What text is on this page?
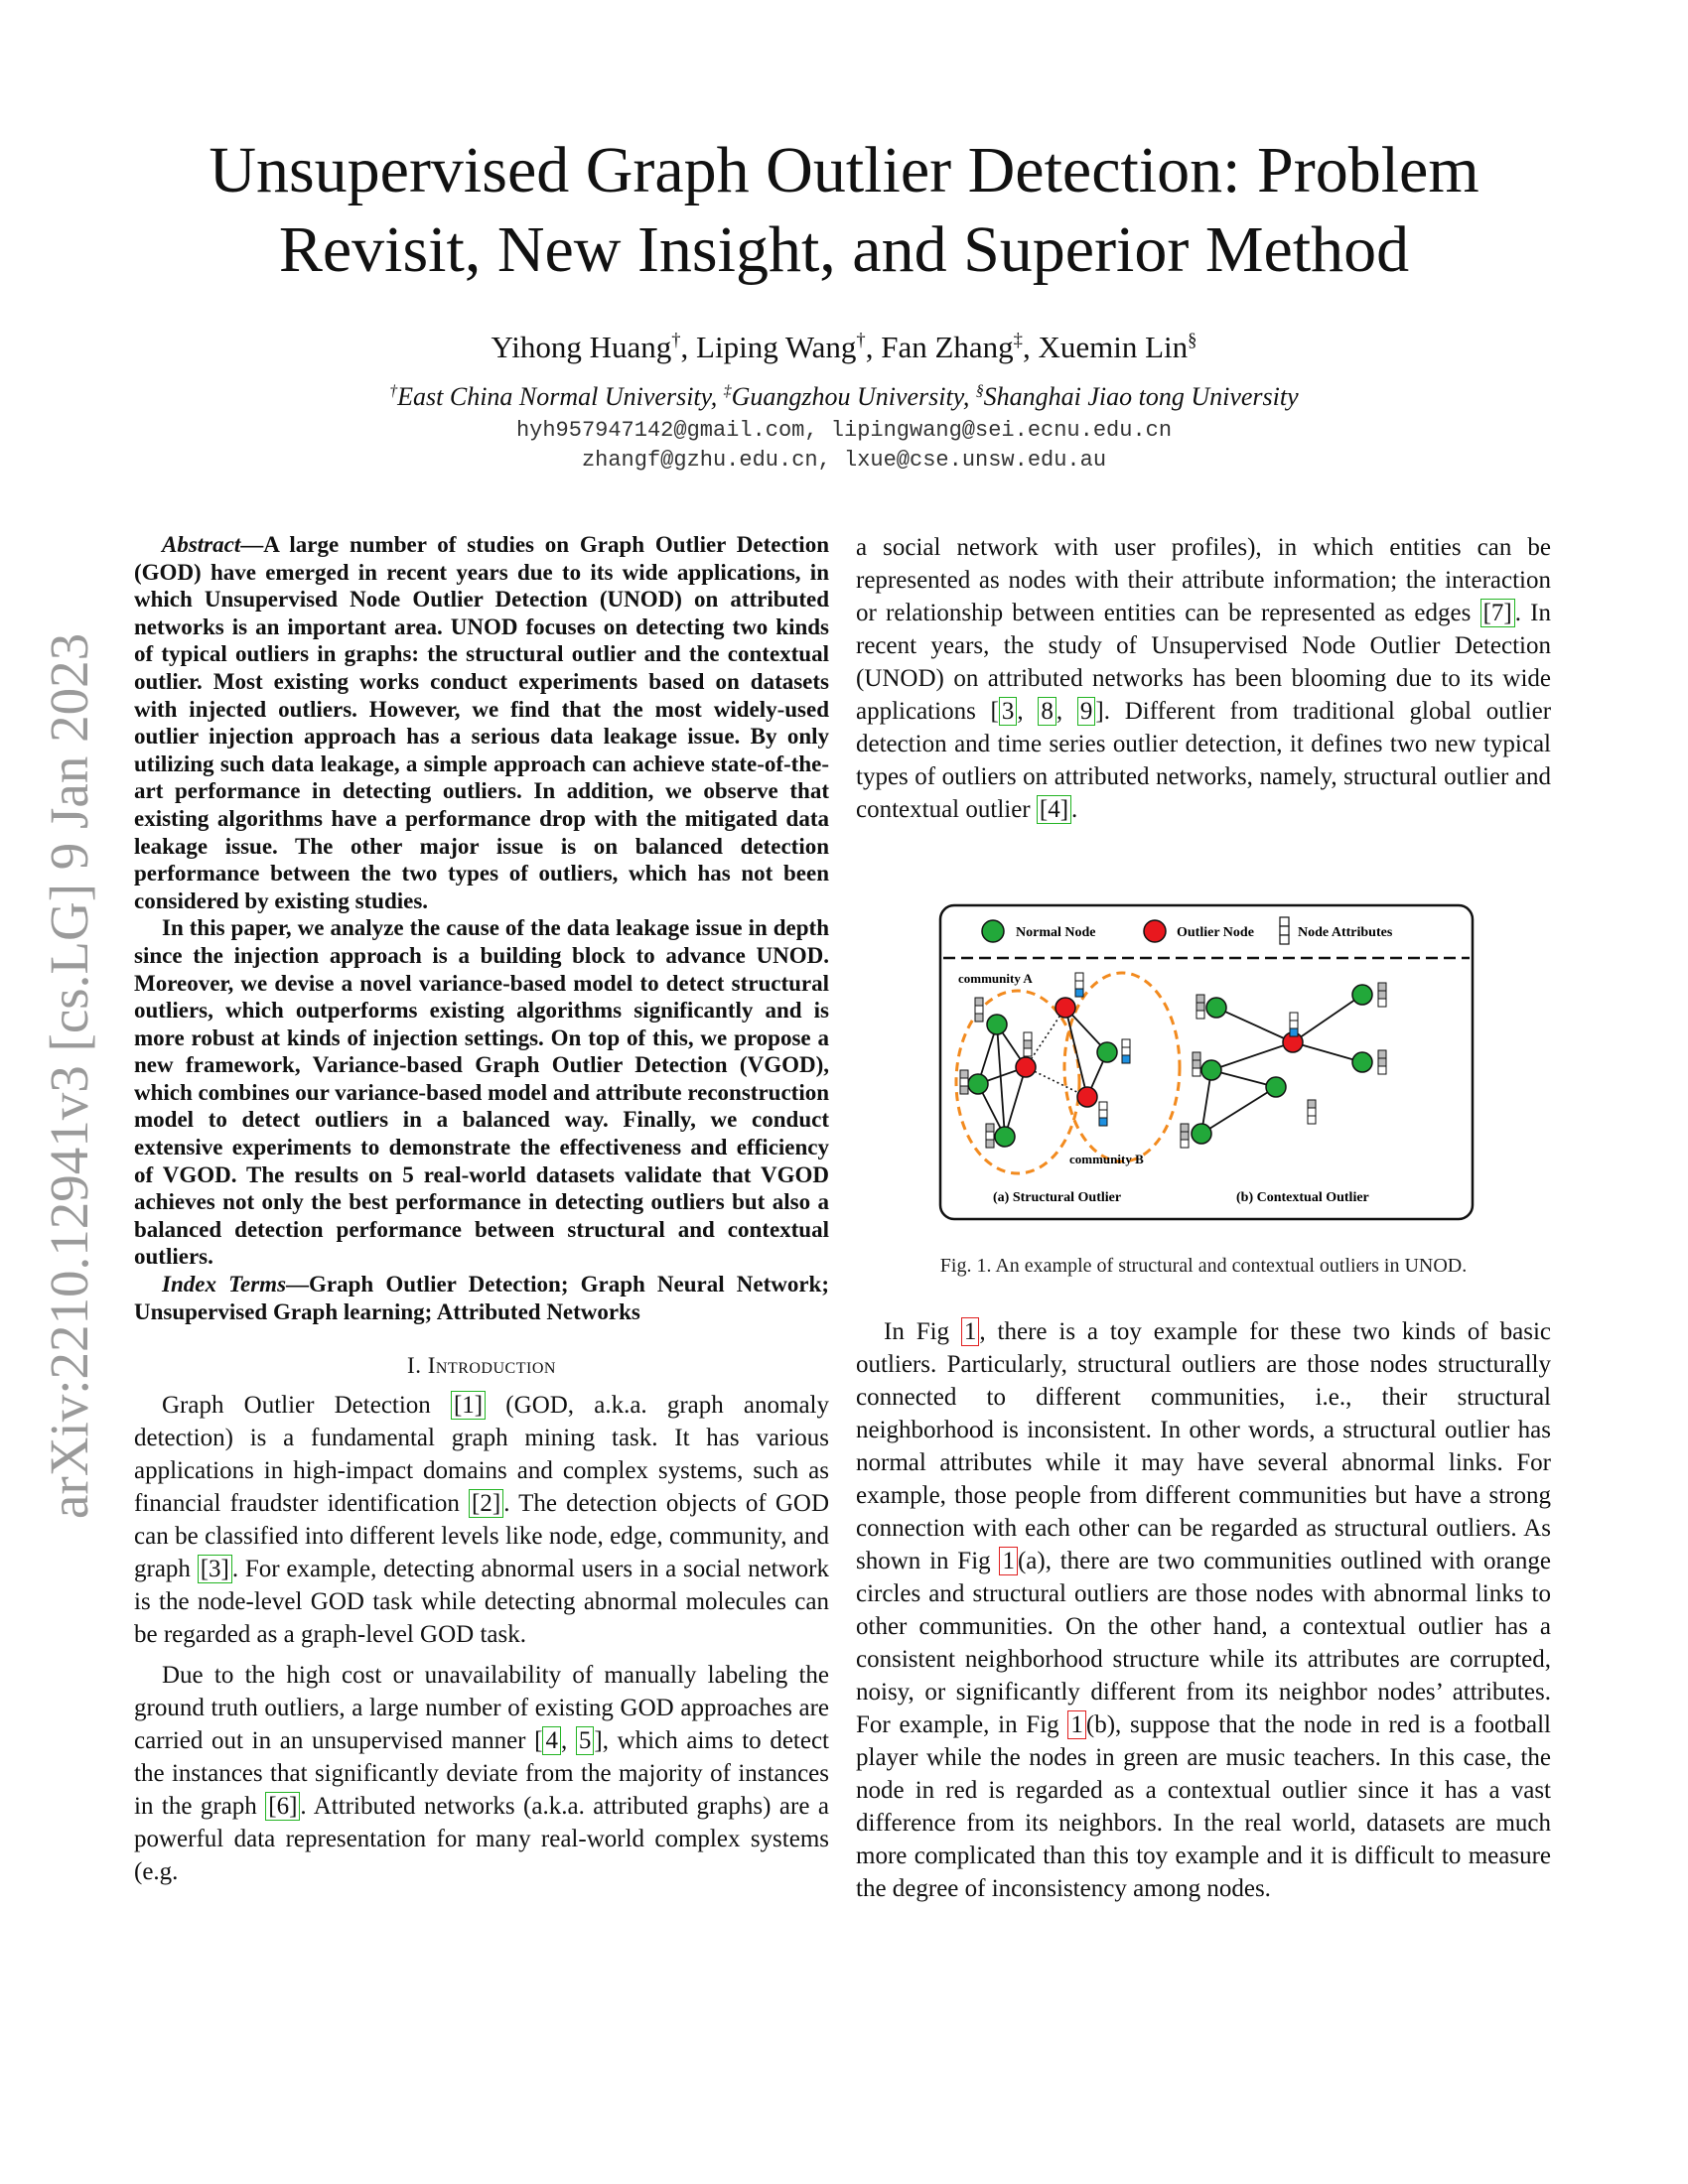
arXiv:2210.12941v3 [cs.LG] 9 Jan 2023
Unsupervised Graph Outlier Detection: Problem
Revisit, New Insight, and Superior Method
Yihong Huang†, Liping Wang†, Fan Zhang‡, Xuemin Lin§
†East China Normal University, ‡Guangzhou University, §Shanghai Jiao tong University
hyh957947142@gmail.com, lipingwang@sei.ecnu.edu.cn
zhangf@gzhu.edu.cn, lxue@cse.unsw.edu.au

Abstract—A large number of studies on Graph Outlier Detection (GOD) have emerged in recent years due to its wide applications, in which Unsupervised Node Outlier Detection (UNOD) on attributed networks is an important area. UNOD focuses on detecting two kinds of typical outliers in graphs: the structural outlier and the contextual outlier. Most existing works conduct experiments based on datasets with injected outliers. However, we find that the most widely-used outlier injection approach has a serious data leakage issue. By only utilizing such data leakage, a simple approach can achieve state-of-the-art performance in detecting outliers. In addition, we observe that existing algorithms have a performance drop with the mitigated data leakage issue. The other major issue is on balanced detection performance between the two types of outliers, which has not been considered by existing studies.

In this paper, we analyze the cause of the data leakage issue in depth since the injection approach is a building block to advance UNOD. Moreover, we devise a novel variance-based model to detect structural outliers, which outperforms existing algorithms significantly and is more robust at kinds of injection settings. On top of this, we propose a new framework, Variance-based Graph Outlier Detection (VGOD), which combines our variance-based model and attribute reconstruction model to detect outliers in a balanced way. Finally, we conduct extensive experiments to demonstrate the effectiveness and efficiency of VGOD. The results on 5 real-world datasets validate that VGOD achieves not only the best performance in detecting outliers but also a balanced detection performance between structural and contextual outliers.

Index Terms—Graph Outlier Detection; Graph Neural Network; Unsupervised Graph learning; Attributed Networks

I. Introduction

Graph Outlier Detection [1] (GOD, a.k.a. graph anomaly detection) is a fundamental graph mining task. It has various applications in high-impact domains and complex systems, such as financial fraudster identification [2] . The detection objects of GOD can be classified into different levels like node, edge, community, and graph [3] . For example, detecting abnormal users in a social network is the node-level GOD task while detecting abnormal molecules can be regarded as a graph-level GOD task.

Due to the high cost or unavailability of manually labeling the ground truth outliers, a large number of existing GOD approaches are carried out in an unsupervised manner [ 4 , 5 ], which aims to detect the instances that significantly deviate from the majority of instances in the graph [6] . Attributed networks (a.k.a. attributed graphs) are a powerful data representation for many real-world complex systems (e.g.

a social network with user profiles), in which entities can be represented as nodes with their attribute information; the interaction or relationship between entities can be represented as edges [7] . In recent years, the study of Unsupervised Node Outlier Detection (UNOD) on attributed networks has been blooming due to its wide applications [ 3 , 8 , 9 ]. Different from traditional global outlier detection and time series outlier detection, it defines two new typical types of outliers on attributed networks, namely, structural outlier and contextual outlier [4] .

Normal Node	Outlier Node	Node Attributes
community A
community B
(a) Structural Outlier	(b) Contextual Outlier
Fig. 1. An example of structural and contextual outliers in UNOD.

In Fig 1 , there is a toy example for these two kinds of basic outliers. Particularly, structural outliers are those nodes structurally connected to different communities, i.e., their structural neighborhood is inconsistent. In other words, a structural outlier has normal attributes while it may have several abnormal links. For example, those people from different communities but have a strong connection with each other can be regarded as structural outliers. As shown in Fig 1 (a), there are two communities outlined with orange circles and structural outliers are those nodes with abnormal links to other communities. On the other hand, a contextual outlier has a consistent neighborhood structure while its attributes are corrupted, noisy, or significantly different from its neighbor nodes’ attributes. For example, in Fig 1 (b), suppose that the node in red is a football player while the nodes in green are music teachers. In this case, the node in red is regarded as a contextual outlier since it has a vast difference from its neighbors. In the real world, datasets are much more complicated than this toy example and it is difficult to measure the degree of inconsistency among nodes.
